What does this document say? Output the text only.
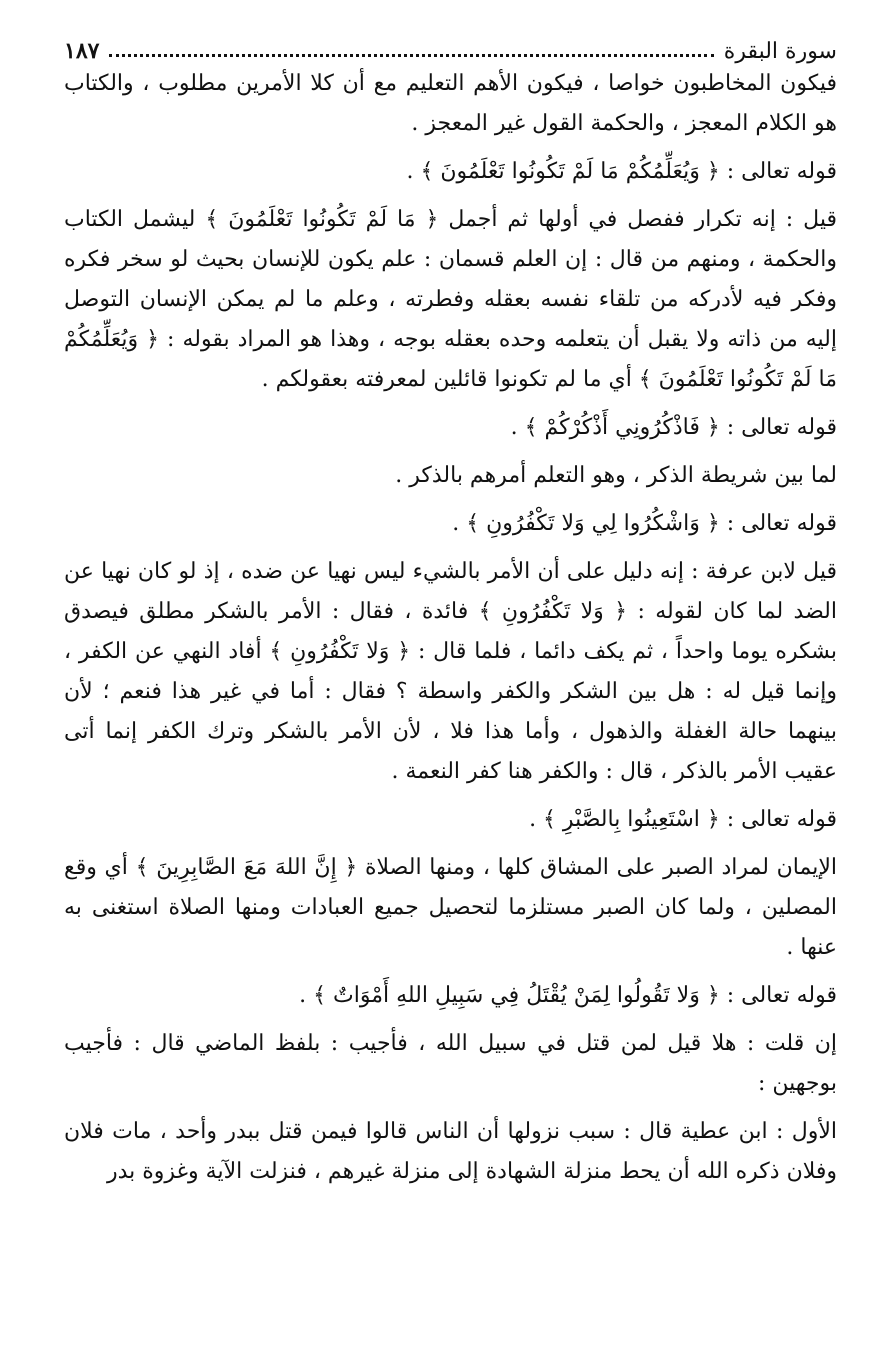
سورة البقرة
١٨٧

فيكون المخاطبون خواصا ، فيكون الأهم التعليم مع أن كلا الأمرين مطلوب ، والكتاب هو الكلام المعجز ، والحكمة القول غير المعجز .

قوله تعالى : ﴿ وَيُعَلِّمُكُمْ مَا لَمْ تَكُونُوا تَعْلَمُونَ ﴾ .

قيل : إنه تكرار ففصل في أولها ثم أجمل ﴿ مَا لَمْ تَكُونُوا تَعْلَمُونَ ﴾ ليشمل الكتاب والحكمة ، ومنهم من قال : إن العلم قسمان : علم يكون للإنسان بحيث لو سخر فكره وفكر فيه لأدركه من تلقاء نفسه بعقله وفطرته ، وعلم ما لم يمكن الإنسان التوصل إليه من ذاته ولا يقبل أن يتعلمه وحده بعقله بوجه ، وهذا هو المراد بقوله : ﴿ وَيُعَلِّمُكُمْ مَا لَمْ تَكُونُوا تَعْلَمُونَ ﴾ أي ما لم تكونوا قائلين لمعرفته بعقولكم .

قوله تعالى : ﴿ فَاذْكُرُونِي أَذْكُرْكُمْ ﴾ .

لما بين شريطة الذكر ، وهو التعلم أمرهم بالذكر .

قوله تعالى : ﴿ وَاشْكُرُوا لِي وَلا تَكْفُرُونِ ﴾ .

قيل لابن عرفة : إنه دليل على أن الأمر بالشيء ليس نهيا عن ضده ، إذ لو كان نهيا عن الضد لما كان لقوله : ﴿ وَلا تَكْفُرُونِ ﴾ فائدة ، فقال : الأمر بالشكر مطلق فيصدق بشكره يوما واحداً ، ثم يكف دائما ، فلما قال : ﴿ وَلا تَكْفُرُونِ ﴾ أفاد النهي عن الكفر ، وإنما قيل له : هل بين الشكر والكفر واسطة ؟ فقال : أما في غير هذا فنعم ؛ لأن بينهما حالة الغفلة والذهول ، وأما هذا فلا ، لأن الأمر بالشكر وترك الكفر إنما أتى عقيب الأمر بالذكر ، قال : والكفر هنا كفر النعمة .

قوله تعالى : ﴿ اسْتَعِينُوا بِالصَّبْرِ ﴾ .

الإيمان لمراد الصبر على المشاق كلها ، ومنها الصلاة ﴿ إِنَّ اللهَ مَعَ الصَّابِرِينَ ﴾ أي وقع المصلين ، ولما كان الصبر مستلزما لتحصيل جميع العبادات ومنها الصلاة استغنى به عنها .

قوله تعالى : ﴿ وَلا تَقُولُوا لِمَنْ يُقْتَلُ فِي سَبِيلِ اللهِ أَمْوَاتٌ ﴾ .

إن قلت : هلا قيل لمن قتل في سبيل الله ، فأجيب : بلفظ الماضي قال : فأجيب بوجهين :

الأول : ابن عطية قال : سبب نزولها أن الناس قالوا فيمن قتل ببدر وأحد ، مات فلان وفلان ذكره الله أن يحط منزلة الشهادة إلى منزلة غيرهم ، فنزلت الآية وغزوة بدر
